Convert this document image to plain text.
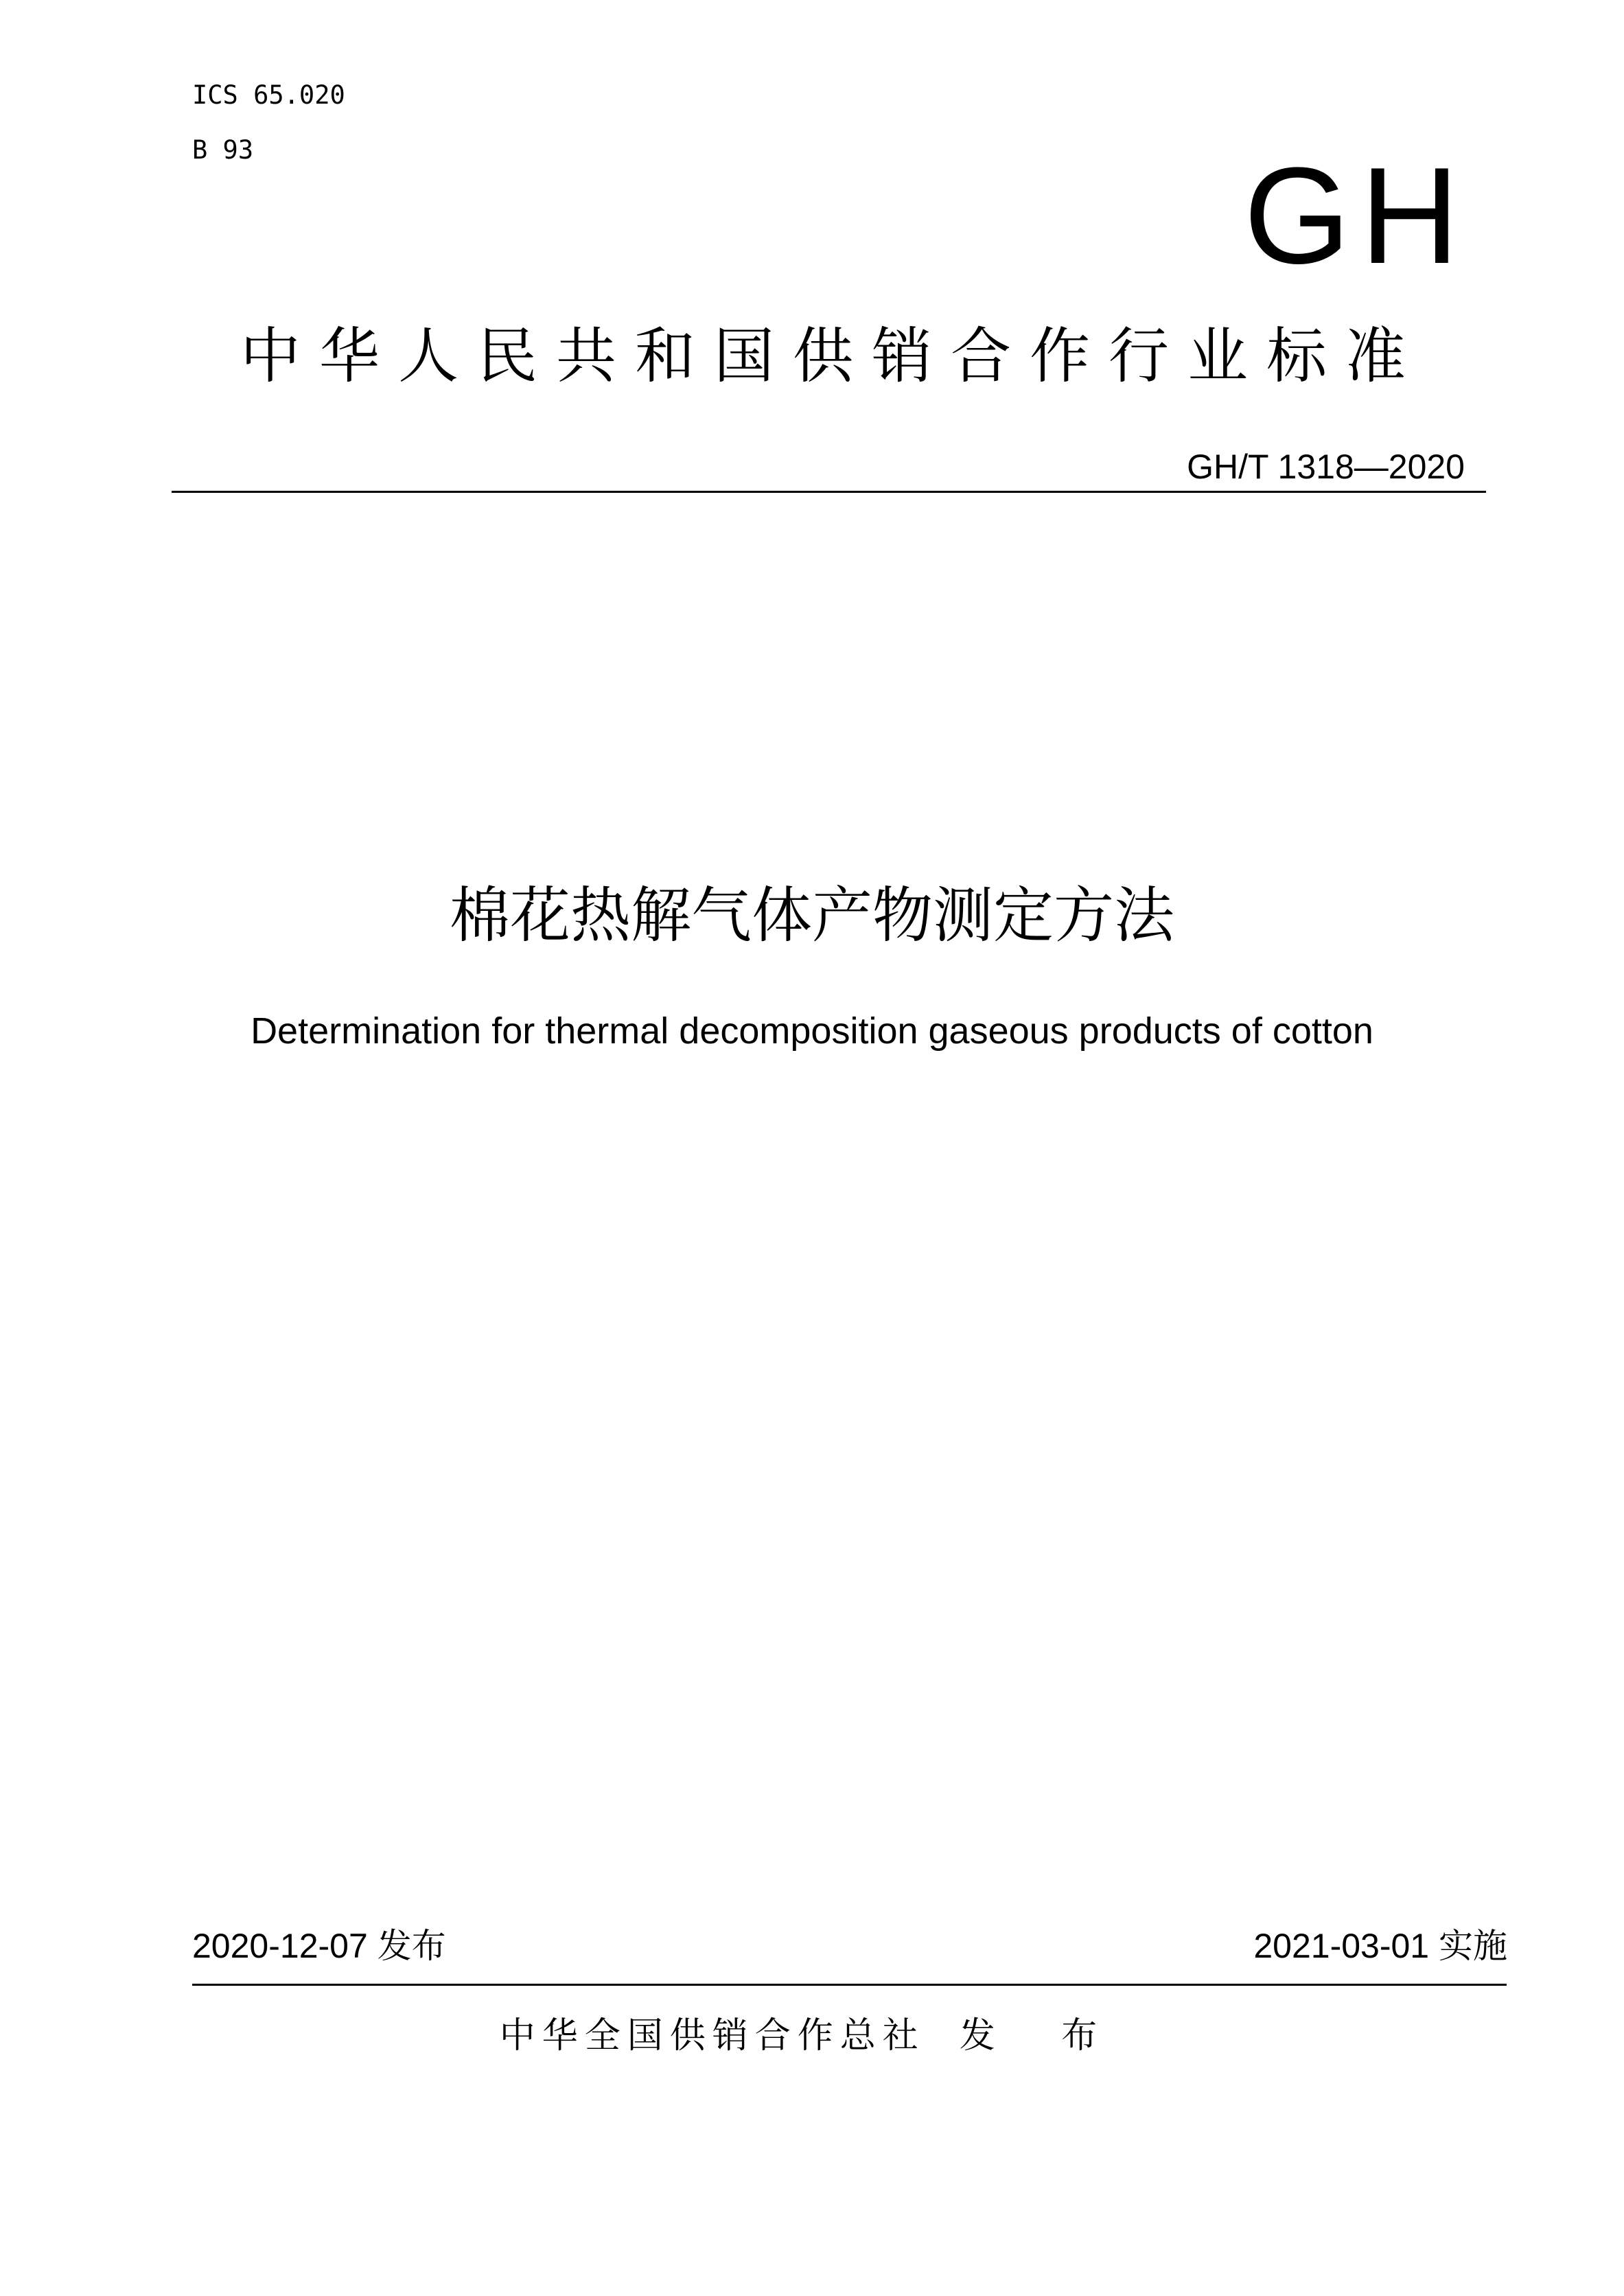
ICS 65.020
B 93	GH
中华人民共和国供销合作行业标准
GH/T 1318—2020
棉花热解气体产物测定方法
Determination for thermal decomposition gaseous products of cotton
2020-12-07 发布	2021-03-01 实施
中华全国供销合作总社 发 布
